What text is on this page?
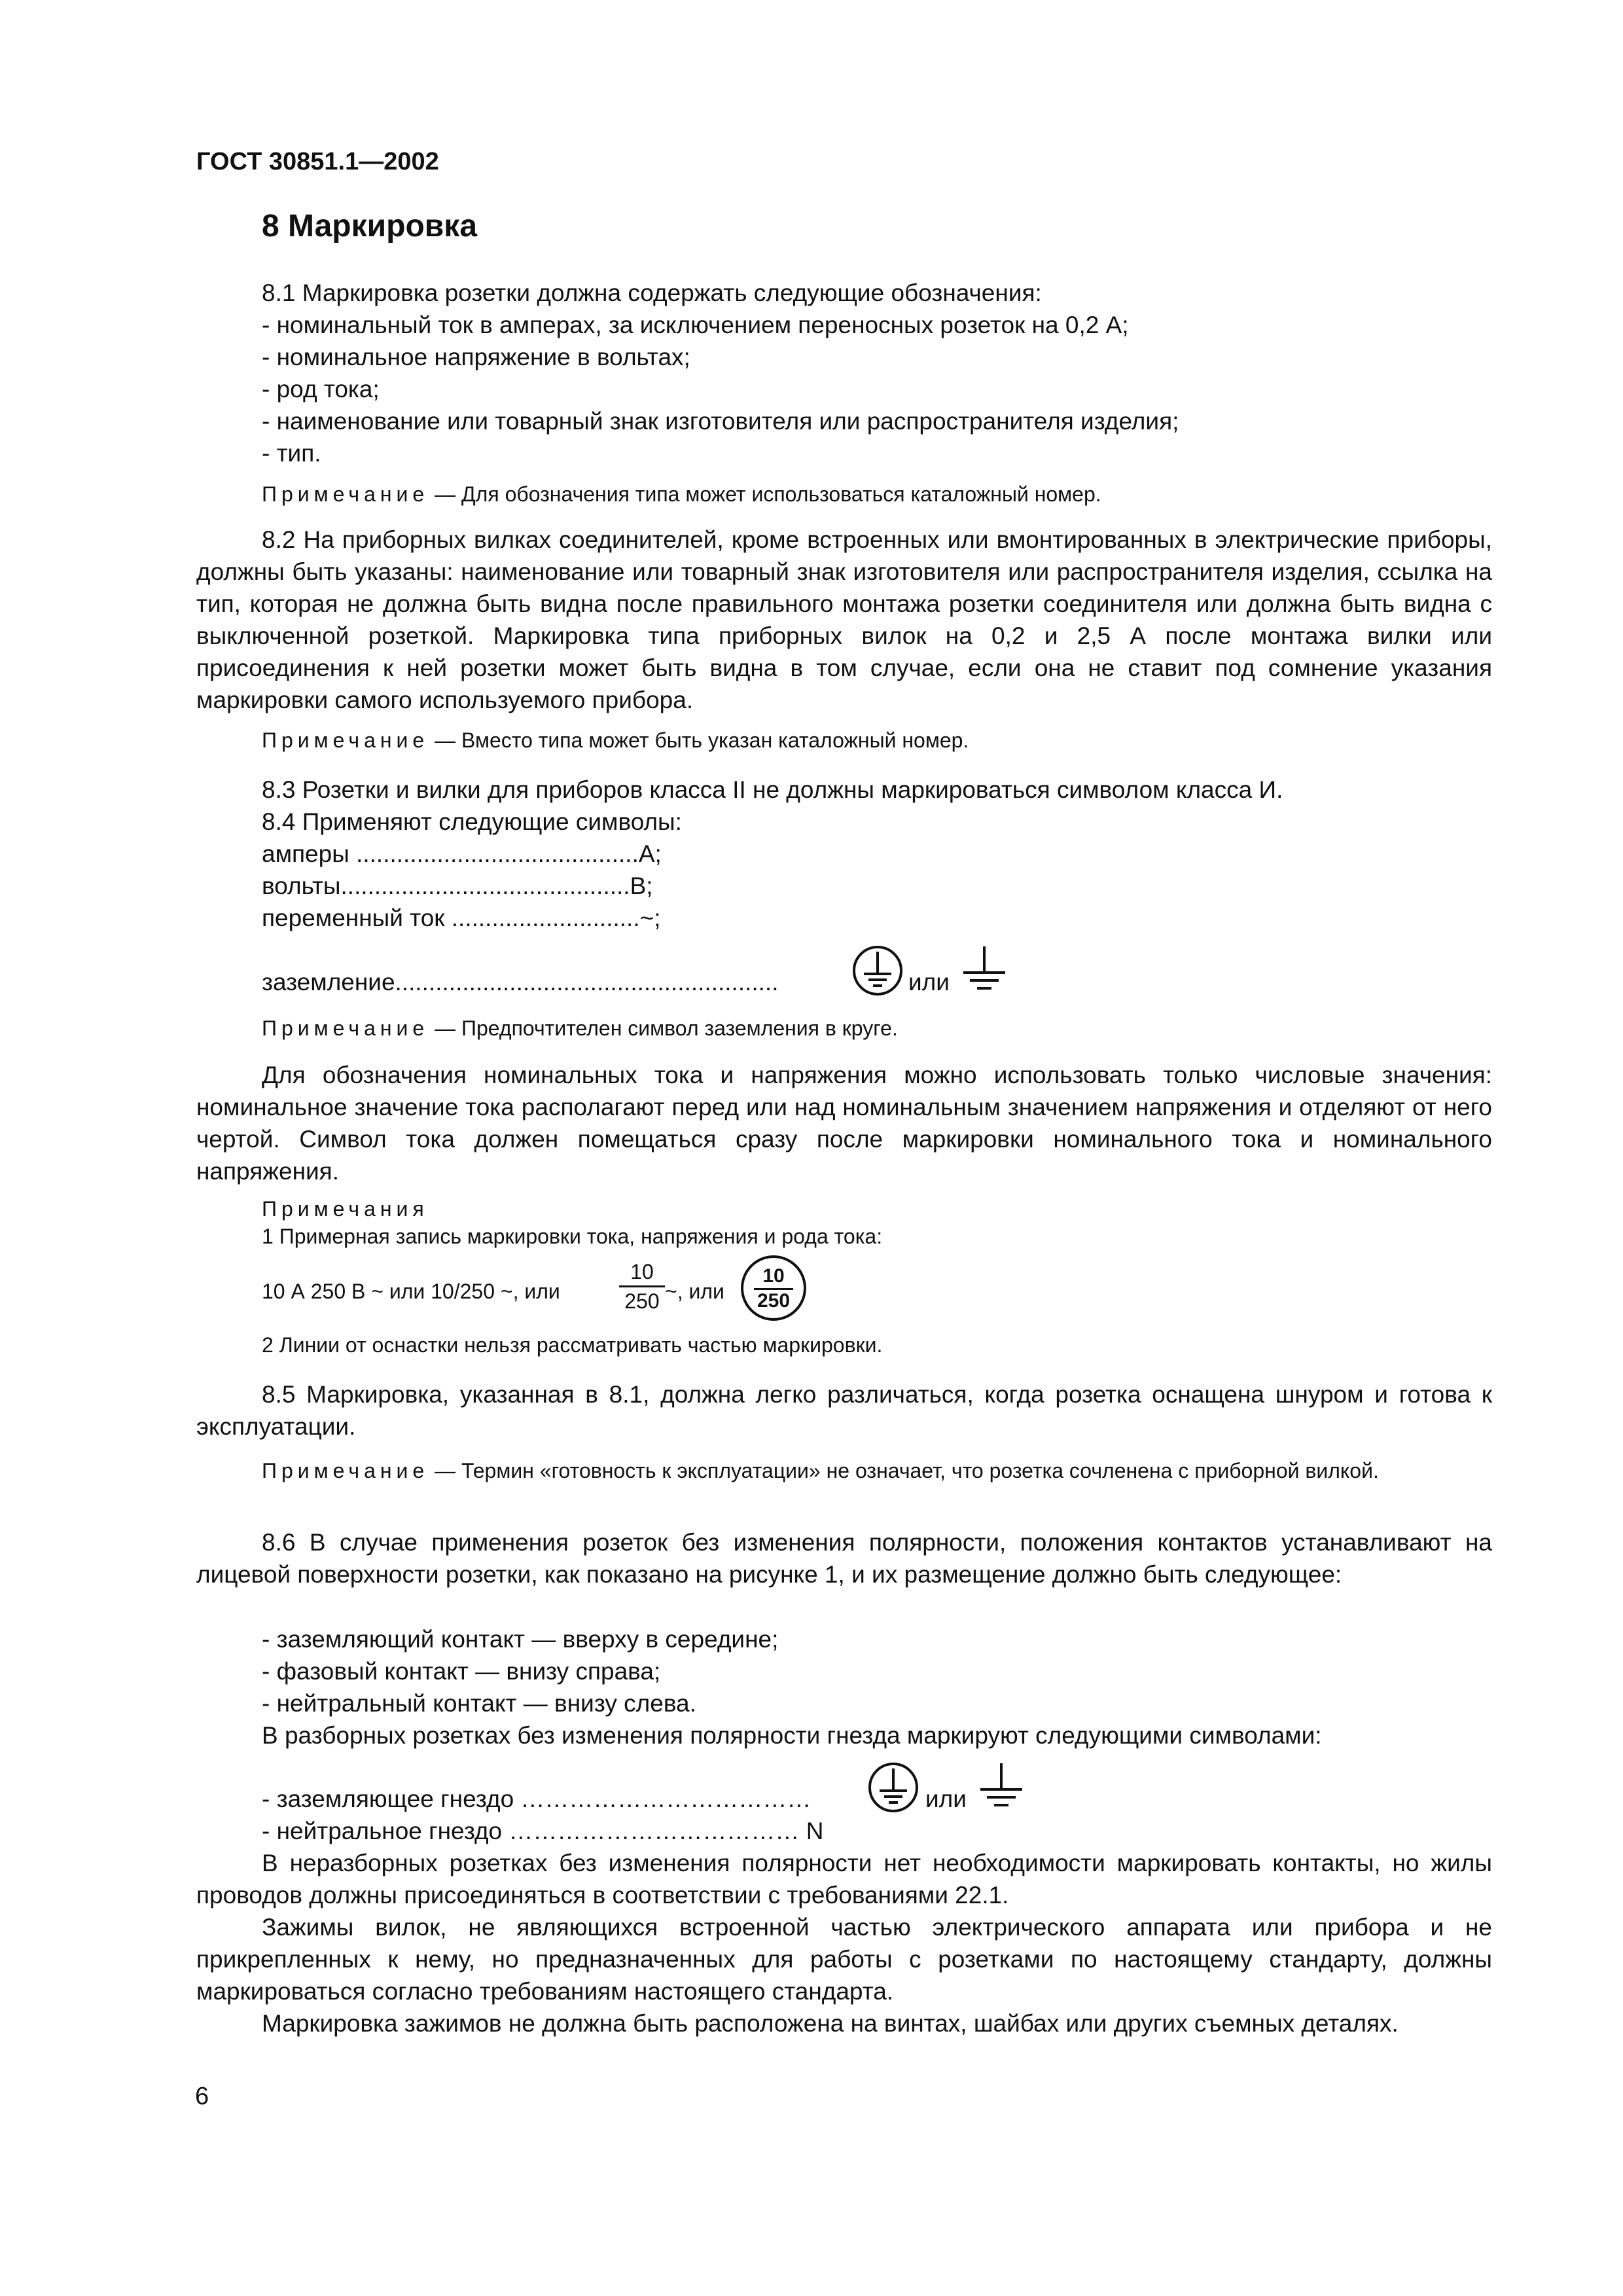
ГОСТ 30851.1—2002
8 Маркировка
8.1 Маркировка розетки должна содержать следующие обозначения:
- номинальный ток в амперах, за исключением переносных розеток на 0,2 А;
- номинальное напряжение в вольтах;
- род тока;
- наименование или товарный знак изготовителя или распространителя изделия;
- тип.
Примечание — Для обозначения типа может использоваться каталожный номер.

8.2 На приборных вилках соединителей, кроме встроенных или вмонтированных в электрические приборы, должны быть указаны: наименование или товарный знак изготовителя или распространителя изделия, ссылка на тип, которая не должна быть видна после правильного монтажа розетки соединителя или должна быть видна с выключенной розеткой. Маркировка типа приборных вилок на 0,2 и 2,5 А после монтажа вилки или присоединения к ней розетки может быть видна в том случае, если она не ставит под сомнение указания маркировки самого используемого прибора.

Примечание — Вместо типа может быть указан каталожный номер.
8.3 Розетки и вилки для приборов класса II не должны маркироваться символом класса И.
8.4 Применяют следующие символы:
амперы ..........................................А;
вольты...........................................В;
переменный ток ............................~;
заземление.........................................................	или
Примечание — Предпочтителен символ заземления в круге.

Для обозначения номинальных тока и напряжения можно использовать только числовые значения: номинальное значение тока располагают перед или над номинальным значением напряжения и отделяют от него чертой. Символ тока должен помещаться сразу после маркировки номинального тока и номинального напряжения.

Примечания
1 Примерная запись маркировки тока, напряжения и рода тока:
10 А 250 В ~ или 10/250 ~, или
10
250 ~, или
10
250
2 Линии от оснастки нельзя рассматривать частью маркировки.

8.5 Маркировка, указанная в 8.1, должна легко различаться, когда розетка оснащена шнуром и готова к эксплуатации.

Примечание — Термин «готовность к эксплуатации» не означает, что розетка сочленена с приборной вилкой.

8.6 В случае применения розеток без изменения полярности, положения контактов устанавливают на лицевой поверхности розетки, как показано на рисунке 1, и их размещение должно быть следующее:

- заземляющий контакт — вверху в середине;
- фазовый контакт — внизу справа;
- нейтральный контакт — внизу слева.
В разборных розетках без изменения полярности гнезда маркируют следующими символами:
- заземляющее гнездо ………………………………	или
- нейтральное гнездо ……………………………… N

В неразборных розетках без изменения полярности нет необходимости маркировать контакты, но жилы проводов должны присоединяться в соответствии с требованиями 22.1.

Зажимы вилок, не являющихся встроенной частью электрического аппарата или прибора и не прикрепленных к нему, но предназначенных для работы с розетками по настоящему стандарту, должны маркироваться согласно требованиям настоящего стандарта.

Маркировка зажимов не должна быть расположена на винтах, шайбах или других съемных деталях.

6
